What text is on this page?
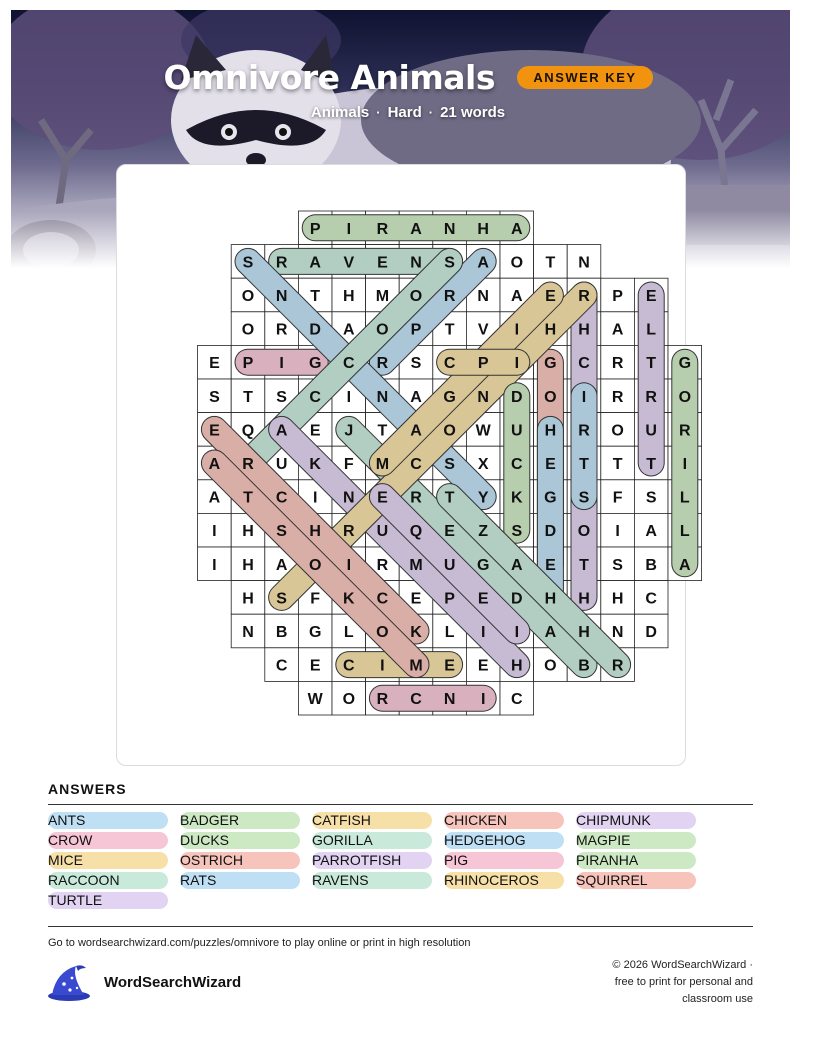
Omnivore Animals	ANSWER KEY
Animals · Hard · 21 words
P I R A N H A
S R A V E N S A O T N
O N T H M O R N A E R P E
O R D A O P T V I H H A L
E P I G C R S C P I G C R T G
S T S C I N A G N D O I R R O
E Q A E J T A O W U H R O U R
A R U K F M C S X C E T T T I
A T C I N E R T Y K G S F S L
I H S H R U Q E Z S D O I A L
I H A O I R M U G A E T S B A
H S F K C E P E D H H H C
N B G L O K L I I A H N D
C E C I M E E H O B R
W O R C N I C
ANSWERS
ANTS
CROW
MICE
RACCOON
TURTLE
BADGER
DUCKS
OSTRICH
RATS
CATFISH
GORILLA
PARROTFISH
RAVENS
CHICKEN
HEDGEHOG
PIG
RHINOCEROS
CHIPMUNK
MAGPIE
PIRANHA
SQUIRREL
Go to wordsearchwizard.com/puzzles/omnivore to play online or print in high resolution
WordSearchWizard
© 2026 WordSearchWizard ·
free to print for personal and
classroom use
